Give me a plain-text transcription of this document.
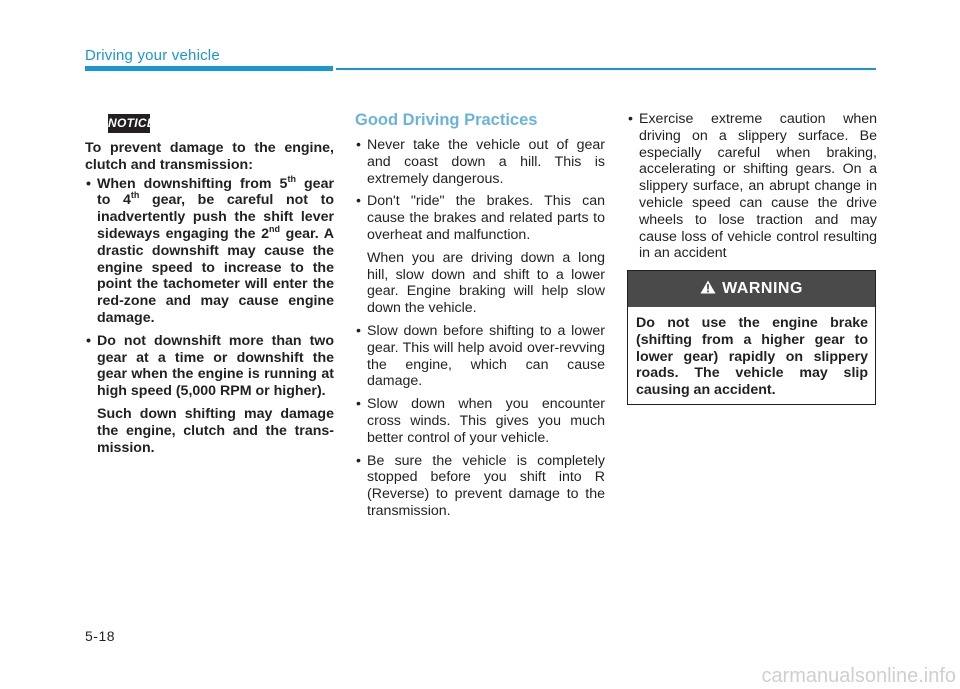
Driving your vehicle
NOTICE

To prevent damage to the engine, clutch and transmission:

• When downshifting from 5th gear to 4th gear, be careful not to inadvertently push the shift lever sideways engaging the 2nd gear. A drastic downshift may cause the engine speed to increase to the point the tachometer will enter the red-zone and may cause engine damage.

• Do not downshift more than two gear at a time or downshift the gear when the engine is running at high speed (5,000 RPM or higher).

Such down shifting may damage the engine, clutch and the trans-mission.

Good Driving Practices

• Never take the vehicle out of gear and coast down a hill. This is extremely dangerous.

• Don't "ride" the brakes. This can cause the brakes and related parts to overheat and malfunction.

When you are driving down a long hill, slow down and shift to a lower gear. Engine braking will help slow down the vehicle.

• Slow down before shifting to a lower gear. This will help avoid over-revving the engine, which can cause damage.

• Slow down when you encounter cross winds. This gives you much better control of your vehicle.

• Be sure the vehicle is completely stopped before you shift into R (Reverse) to prevent damage to the transmission.

• Exercise extreme caution when driving on a slippery surface. Be especially careful when braking, accelerating or shifting gears. On a slippery surface, an abrupt change in vehicle speed can cause the drive wheels to lose traction and may cause loss of vehicle control resulting in an accident

WARNING
Do not use the engine brake (shifting from a higher gear to lower gear) rapidly on slippery roads. The vehicle may slip causing an accident.
5-18
carmanualsonline.info
